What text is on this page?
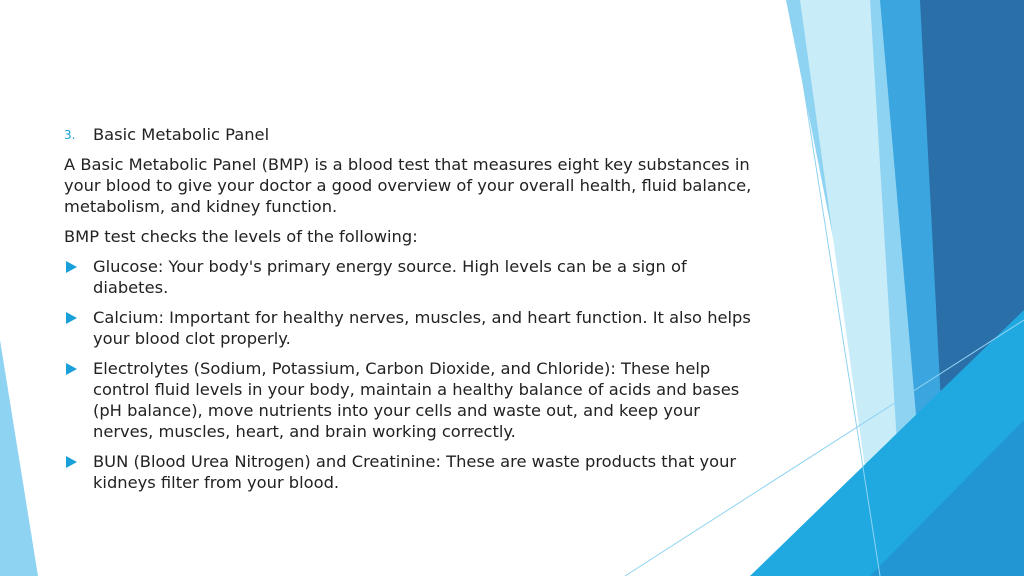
3. Basic Metabolic Panel
A Basic Metabolic Panel (BMP) is a blood test that measures eight key substances in your blood to give your doctor a good overview of your overall health, fluid balance, metabolism, and kidney function.
BMP test checks the levels of the following:
Glucose: Your body's primary energy source. High levels can be a sign of diabetes.
Calcium: Important for healthy nerves, muscles, and heart function. It also helps your blood clot properly.
Electrolytes (Sodium, Potassium, Carbon Dioxide, and Chloride): These help control fluid levels in your body, maintain a healthy balance of acids and bases (pH balance), move nutrients into your cells and waste out, and keep your nerves, muscles, heart, and brain working correctly.
BUN (Blood Urea Nitrogen) and Creatinine: These are waste products that your kidneys filter from your blood.
